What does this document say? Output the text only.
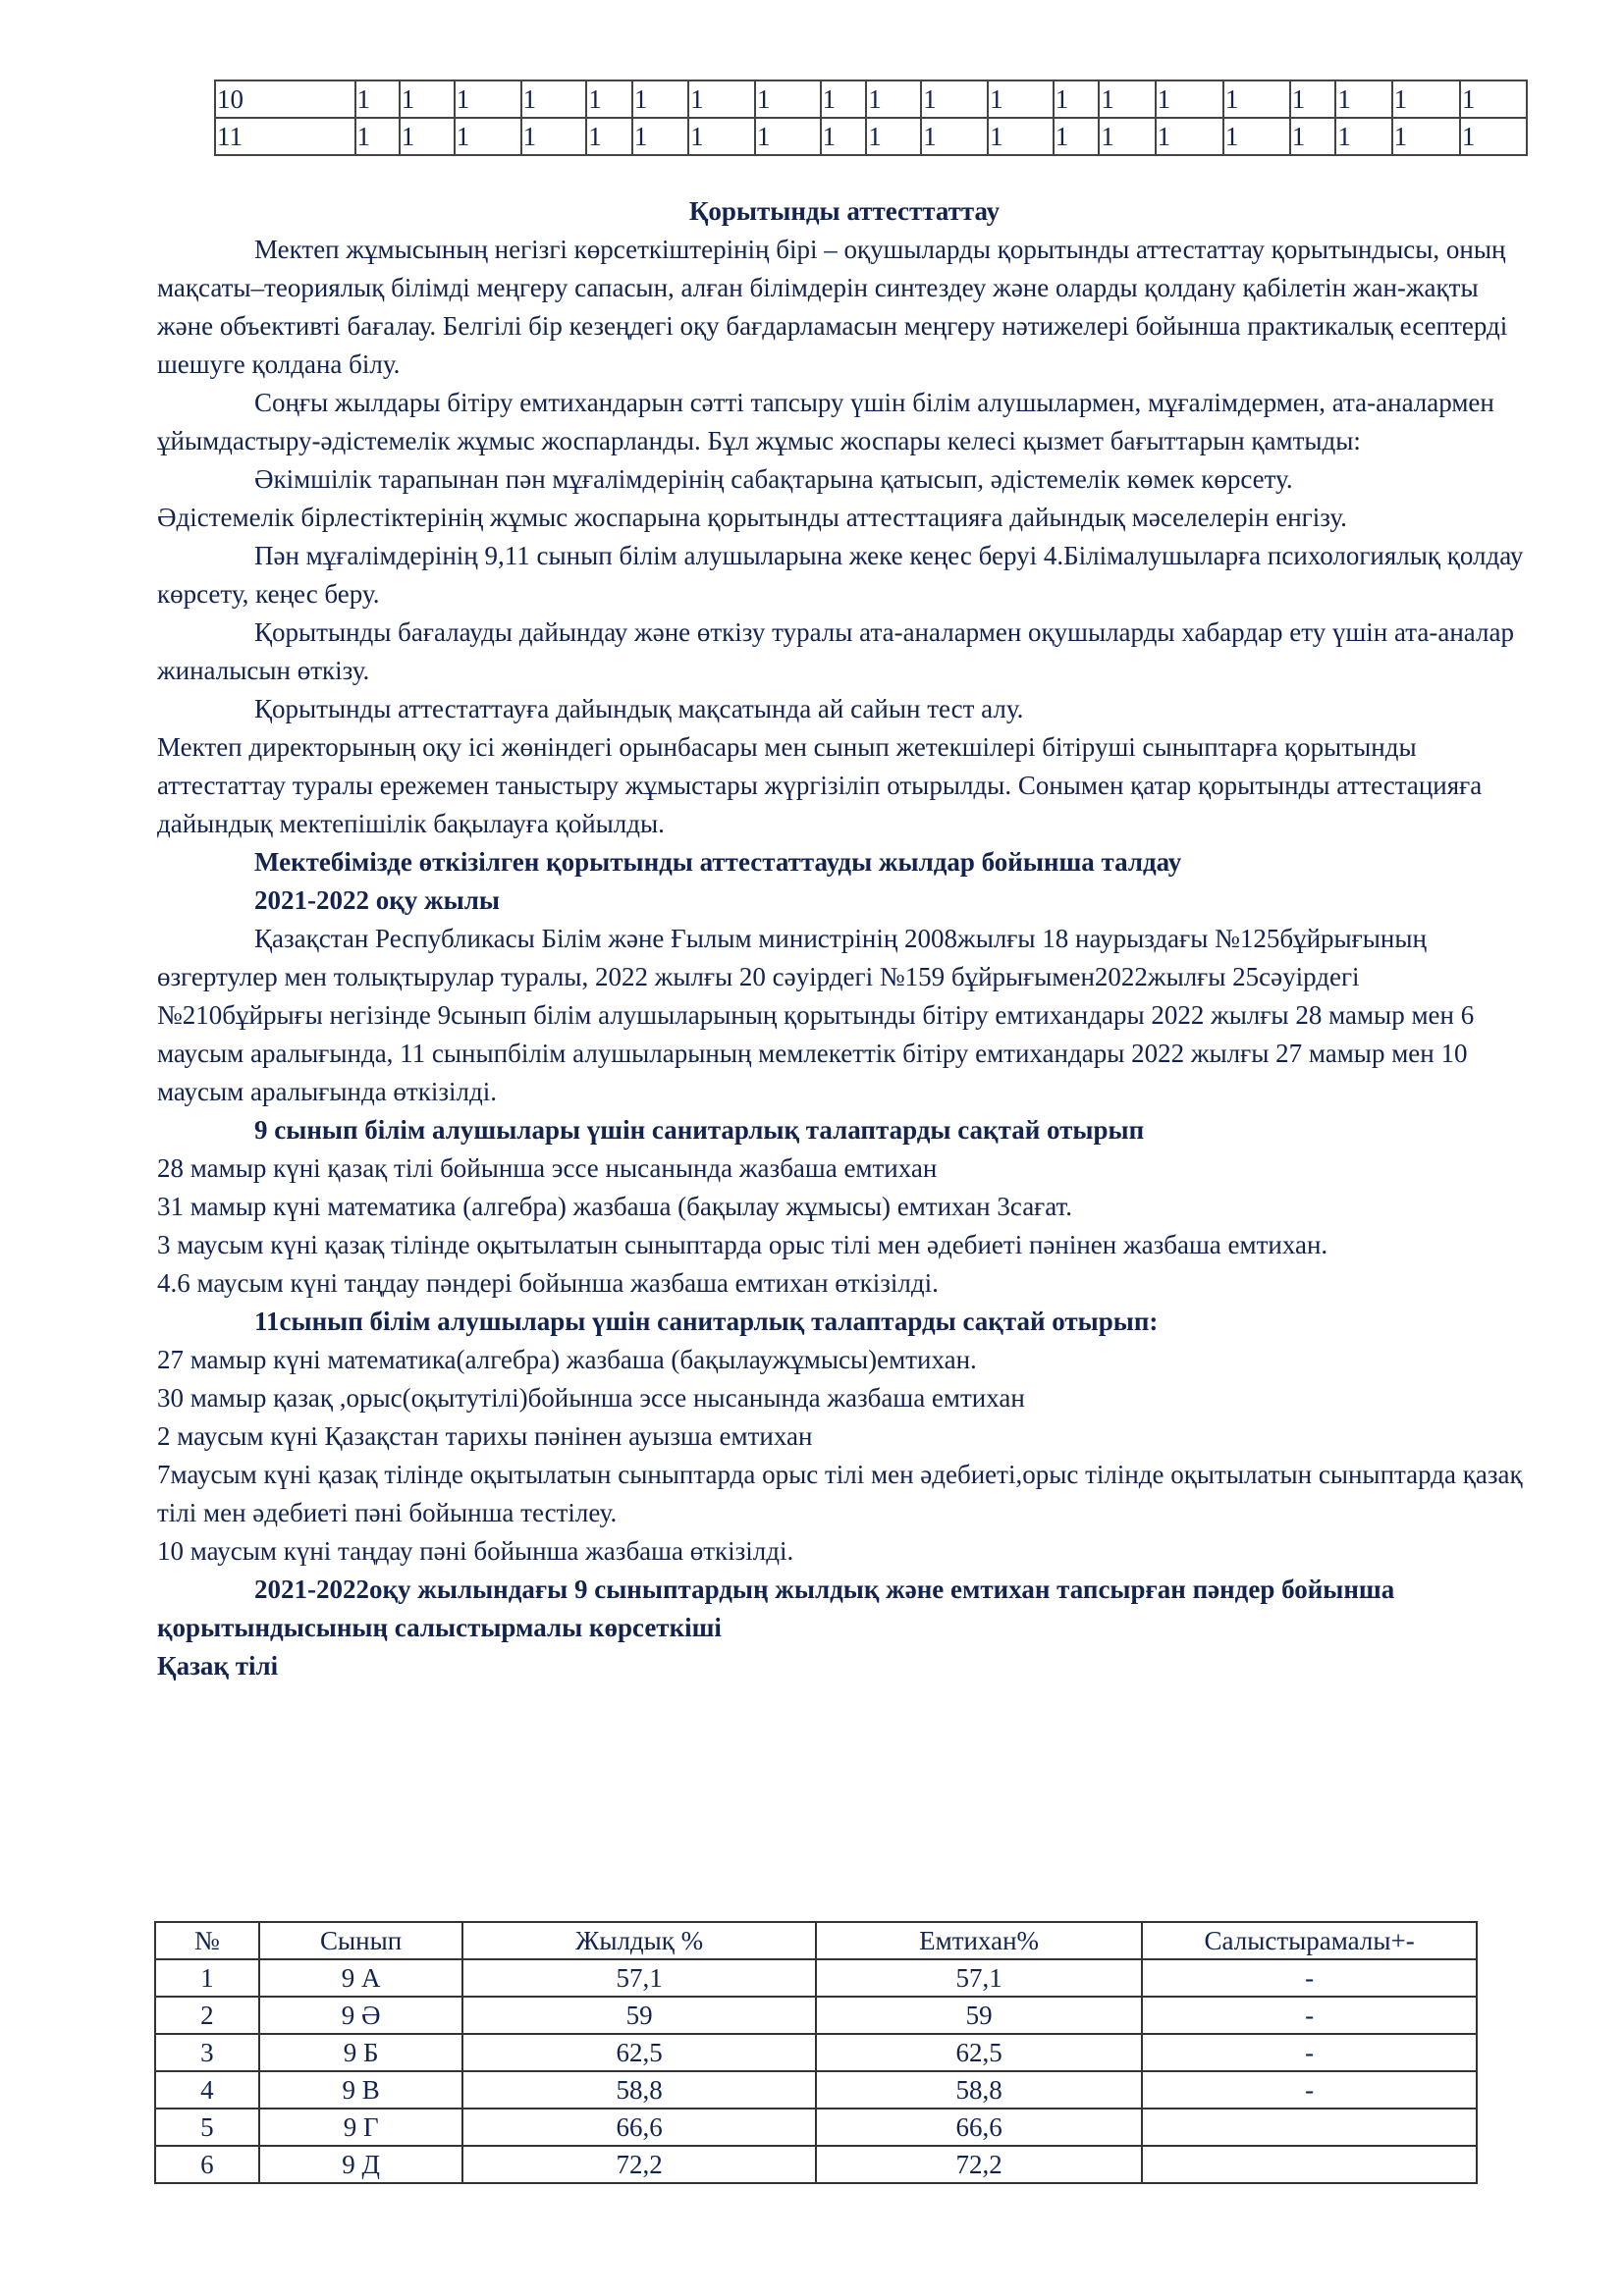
10	1	1	1	1	1	1	1	1	1	1	1	1	1	1	1	1	1	1	1	1
11	1	1	1	1	1	1	1	1	1	1	1	1	1	1	1	1	1	1	1	1

Қорытынды аттесттаттау

Мектеп жұмысының негізгі көрсеткіштерінің бірі – оқушыларды қорытынды аттестаттау қорытындысы, оның мақсаты–теориялық білімді меңгеру сапасын, алған білімдерін синтездеу және оларды қолдану қабілетін жан-жақты және объективті бағалау. Белгілі бір кезеңдегі оқу бағдарламасын меңгеру нәтижелері бойынша практикалық есептерді шешуге қолдана білу.

Соңғы жылдары бітіру емтихандарын сәтті тапсыру үшін білім алушылармен, мұғалімдермен, ата-аналармен ұйымдастыру-әдістемелік жұмыс жоспарланды. Бұл жұмыс жоспары келесі қызмет бағыттарын қамтыды:

Әкімшілік тарапынан пән мұғалімдерінің сабақтарына қатысып, әдістемелік көмек көрсету.

Әдістемелік бірлестіктерінің жұмыс жоспарына қорытынды аттесттацияға дайындық мәселелерін енгізу.

Пән мұғалімдерінің 9,11 сынып білім алушыларына жеке кеңес беруі 4.Білімалушыларға психологиялық қолдау көрсету, кеңес беру.

Қорытынды бағалауды дайындау және өткізу туралы ата-аналармен оқушыларды хабардар ету үшін ата-аналар жиналысын өткізу.

Қорытынды аттестаттауға дайындық мақсатында ай сайын тест алу.

Мектеп директорының оқу ісі жөніндегі орынбасары мен сынып жетекшілері бітіруші сыныптарға қорытынды аттестаттау туралы ережемен таныстыру жұмыстары жүргізіліп отырылды. Сонымен қатар қорытынды аттестацияға дайындық мектепішілік бақылауға қойылды.

Мектебімізде өткізілген қорытынды аттестаттауды жылдар бойынша талдау

2021-2022 оқу жылы

Қазақстан Республикасы Білім және Ғылым министрінің 2008жылғы 18 наурыздағы №125бұйрығының өзгертулер мен толықтырулар туралы, 2022 жылғы 20 сәуірдегі №159 бұйрығымен2022жылғы 25сәуірдегі №210бұйрығы негізінде 9сынып білім алушыларының қорытынды бітіру емтихандары 2022 жылғы 28 мамыр мен 6 маусым аралығында, 11 сыныпбілім алушыларының мемлекеттік бітіру емтихандары 2022 жылғы 27 мамыр мен 10 маусым аралығында өткізілді.

9 сынып білім алушылары үшін санитарлық талаптарды сақтай отырып

28 мамыр күні қазақ тілі бойынша эссе нысанында жазбаша емтихан

31 мамыр күні математика (алгебра) жазбаша (бақылау жұмысы) емтихан 3сағат.

3 маусым күні қазақ тілінде оқытылатын сыныптарда орыс тілі мен әдебиеті пәнінен жазбаша емтихан.

4.6 маусым күні таңдау пәндері бойынша жазбаша емтихан өткізілді.

11сынып білім алушылары үшін санитарлық талаптарды сақтай отырып:

27 мамыр күні математика(алгебра) жазбаша (бақылаужұмысы)емтихан.

30 мамыр қазақ ,орыс(оқытутілі)бойынша эссе нысанында жазбаша емтихан

2 маусым күні Қазақстан тарихы пәнінен ауызша емтихан

7маусым күні қазақ тілінде оқытылатын сыныптарда орыс тілі мен әдебиеті,орыс тілінде оқытылатын сыныптарда қазақ тілі мен әдебиеті пәні бойынша тестілеу.

10 маусым күні таңдау пәні бойынша жазбаша өткізілді.

2021-2022оқу жылындағы 9 сыныптардың жылдық және емтихан тапсырған пәндер бойынша қорытындысының салыстырмалы көрсеткіші

Қазақ тілі

№	Сынып	Жылдық %	Емтихан%	Салыстырамалы+-
1	9 А	57,1	57,1	-
2	9 Ә	59	59	-
3	9 Б	62,5	62,5	-
4	9 В	58,8	58,8	-
5	9 Г	66,6	66,6	
6	9 Д	72,2	72,2	
